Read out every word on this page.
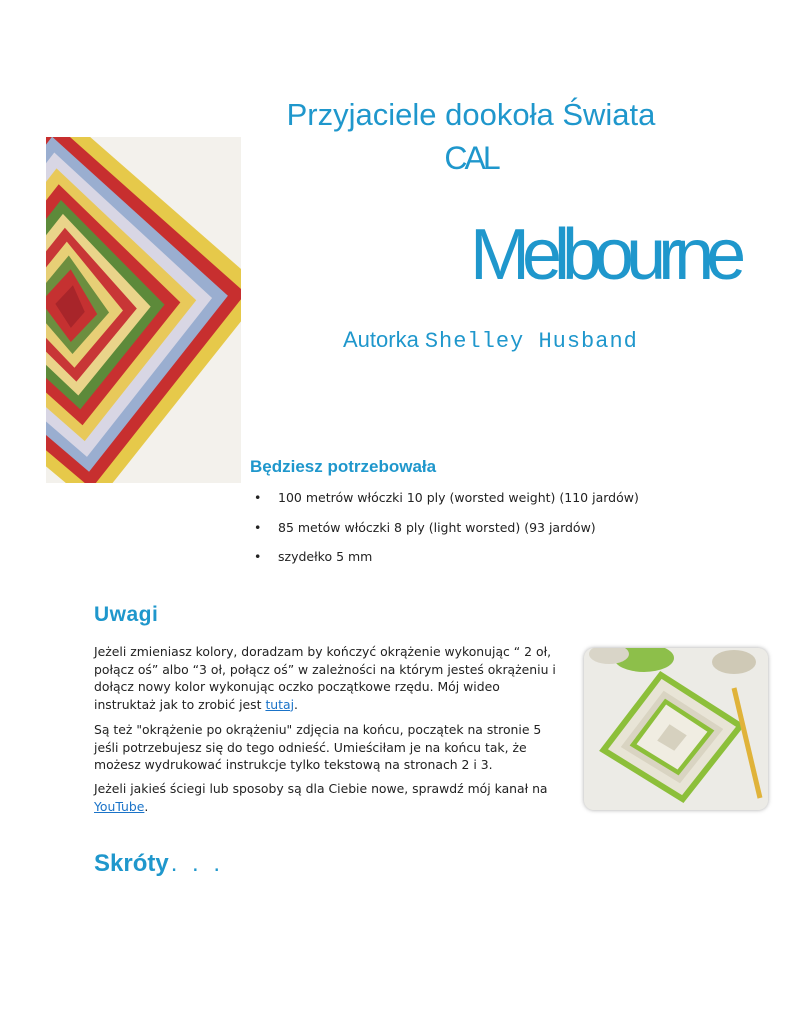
Przyjaciele dookoła Świata
CAL
Melbourne
Autorka Shelley Husband
Będziesz potrzebowała
• 100 metrów włóczki 10 ply (worsted weight) (110 jardów)
• 85 metów włóczki 8 ply (light worsted) (93 jardów)
• szydełko 5 mm
Uwagi
Jeżeli zmieniasz kolory, doradzam by kończyć okrążenie wykonując “ 2 oł, połącz oś” albo “3 oł, połącz oś” w zależności na którym jesteś okrążeniu i dołącz nowy kolor wykonując oczko początkowe rzędu. Mój wideo instruktaż jak to zrobić jest tutaj.
Są też "okrążenie po okrążeniu" zdjęcia na końcu, początek na stronie 5 jeśli potrzebujesz się do tego odnieść. Umieściłam je na końcu tak, że możesz wydrukować instrukcje tylko tekstową na stronach 2 i 3.
Jeżeli jakieś ściegi lub sposoby są dla Ciebie nowe, sprawdź mój kanał na YouTube.
Skróty. . .
